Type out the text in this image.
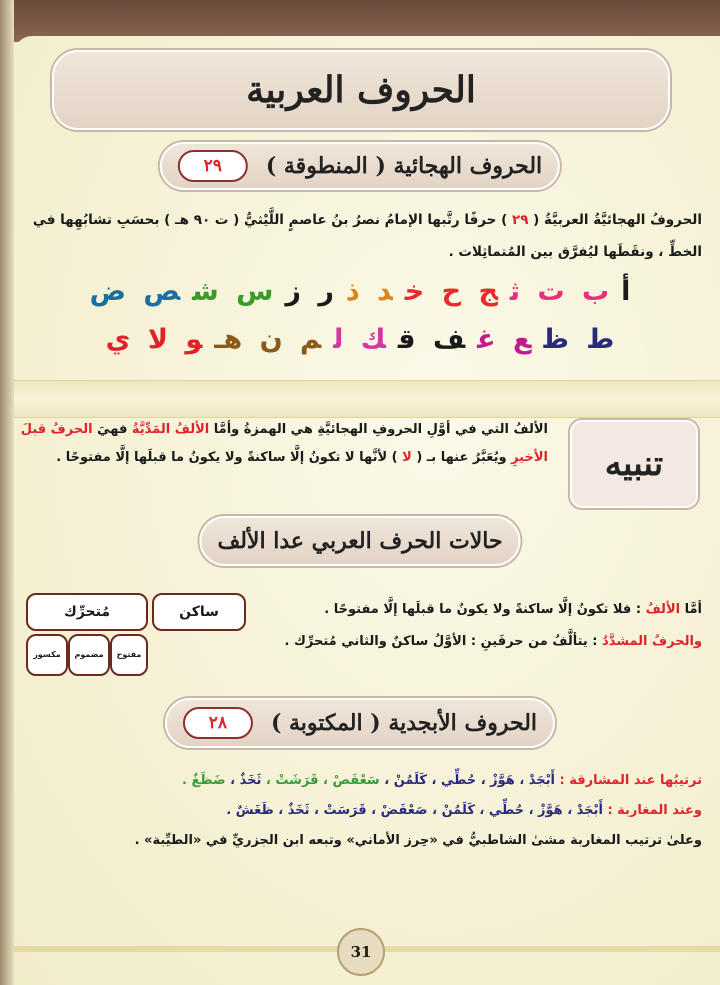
الحروف العربية
الحروف الهجائية ( المنطوقة )
٢٩
الحروفُ الهجائيَّةُ العربيَّةُ ( ٢٩ ) حرفًا رتَّبها الإمامُ نصرُ بنُ عاصمٍ اللَّيْثيُّ ( ت ٩٠ هـ ) بحسَبِ تشابُهِها في
الخطِّ ، ونقَطَها ليُفرَّق بين المُتماثِلات .
أب ت ثج ح خد ذر زس شص ض
ط ظع غف قك لم ن هـو لا ي
تنبيه
الألفُ التي في أوَّلِ الحروفِ الهجائيَّةِ هي الهمزةُ وأمَّا الألفُ المَدِّيَّةُ فهيَ الحرفُ قبلَ
الأخيرِ ويُعَبَّرُ عنها بـ ( لا ) لأنَّها لا تكونُ إلَّا ساكنةً ولا يكونُ ما قبلَها إلَّا مفتوحًا .
حالات الحرف العربي عدا الألف
أمَّا الألفُ : فلا تكونُ إلَّا ساكنةً ولا يكونُ ما قبلَها إلَّا مفتوحًا .
والحرفُ المشدَّدُ : يتألَّفُ من حرفَينِ : الأوَّلُ ساكنٌ والثاني مُتحرِّك .
ساكن
مُتحرِّك
مفتوح
مضموم
مكسور
الحروف الأبجدية ( المكتوبة )
٢٨
ترتيبُها عند المشارقة : أَبْجَدْ ، هَوَّزْ ، حُطِّي ، كَلَمُنْ ، سَعْفَصْ ، قَرَشَتْ ، ثَخَذٌ ، ضَظَغٌ .
وعند المغاربة : أَبْجَدْ ، هَوَّزْ ، حُطِّي ، كَلَمُنْ ، صَعْفَضْ ، قَرَسَتْ ، ثَخَذٌ ، ظَغَشٌ .
وعلىٰ ترتيب المغاربة مشىٰ الشاطبيُّ في «حِرز الأماني» وتبعه ابن الجزريِّ في «الطيِّبة» .
31
